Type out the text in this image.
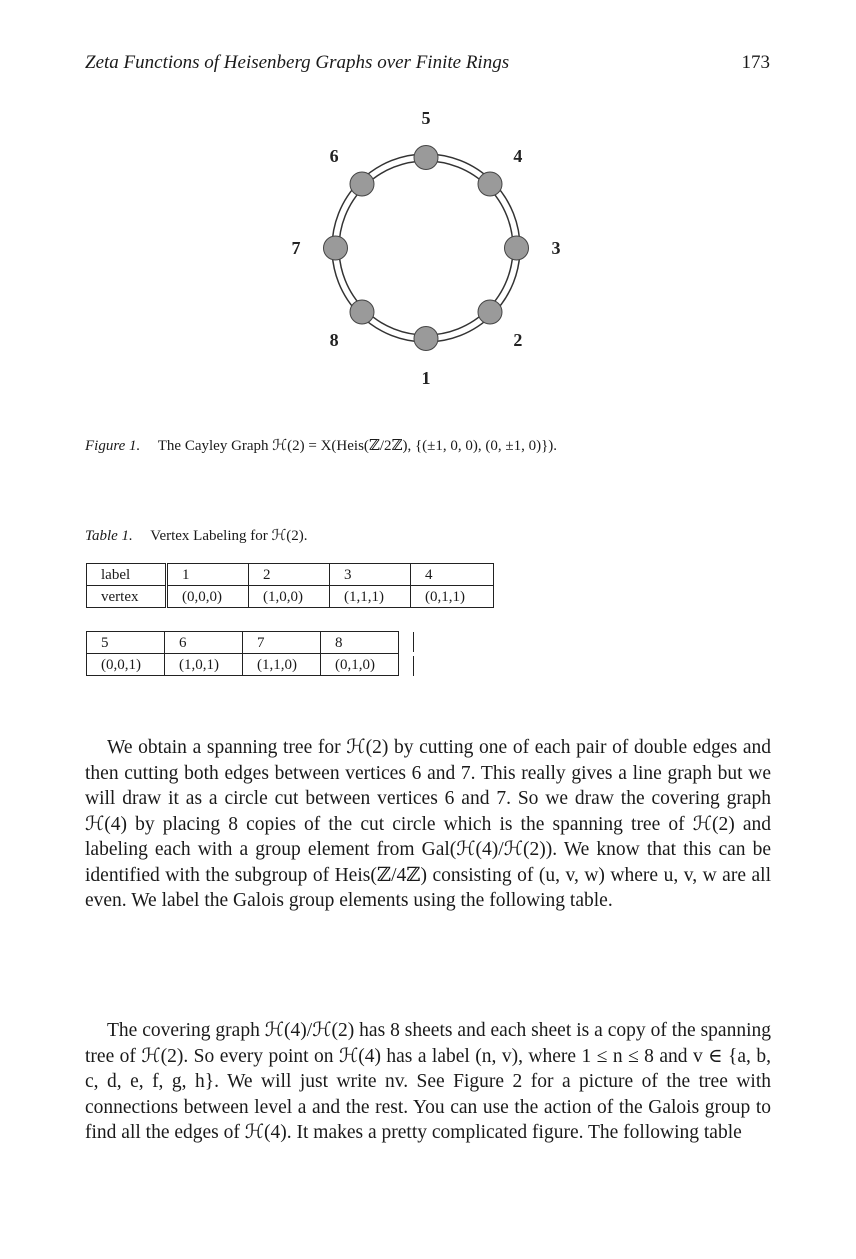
Zeta Functions of Heisenberg Graphs over Finite Rings	173
1
2
3
4
5
6
7
8
Figure 1. The Cayley Graph ℋ(2) = X(Heis(ℤ/2ℤ), {(±1, 0, 0), (0, ±1, 0)}).
Table 1. Vertex Labeling for ℋ(2).
label	1	2	3	4
vertex	(0,0,0)	(1,0,0)	(1,1,1)	(0,1,1)
5	6	7	8
(0,0,1)	(1,0,1)	(1,1,0)	(0,1,0)

We obtain a spanning tree for ℋ(2) by cutting one of each pair of double edges and then cutting both edges between vertices 6 and 7. This really gives a line graph but we will draw it as a circle cut between vertices 6 and 7. So we draw the covering graph ℋ(4) by placing 8 copies of the cut circle which is the spanning tree of ℋ(2) and labeling each with a group element from Gal(ℋ(4)/ℋ(2)). We know that this can be identified with the subgroup of Heis(ℤ/4ℤ) consisting of (u, v, w) where u, v, w are all even. We label the Galois group elements using the following table.

The covering graph ℋ(4)/ℋ(2) has 8 sheets and each sheet is a copy of the spanning tree of ℋ(2). So every point on ℋ(4) has a label (n, v), where 1 ≤ n ≤ 8 and v ∈ {a, b, c, d, e, f, g, h}. We will just write nv. See Figure 2 for a picture of the tree with connections between level a and the rest. You can use the action of the Galois group to find all the edges of ℋ(4). It makes a pretty complicated figure. The following table
